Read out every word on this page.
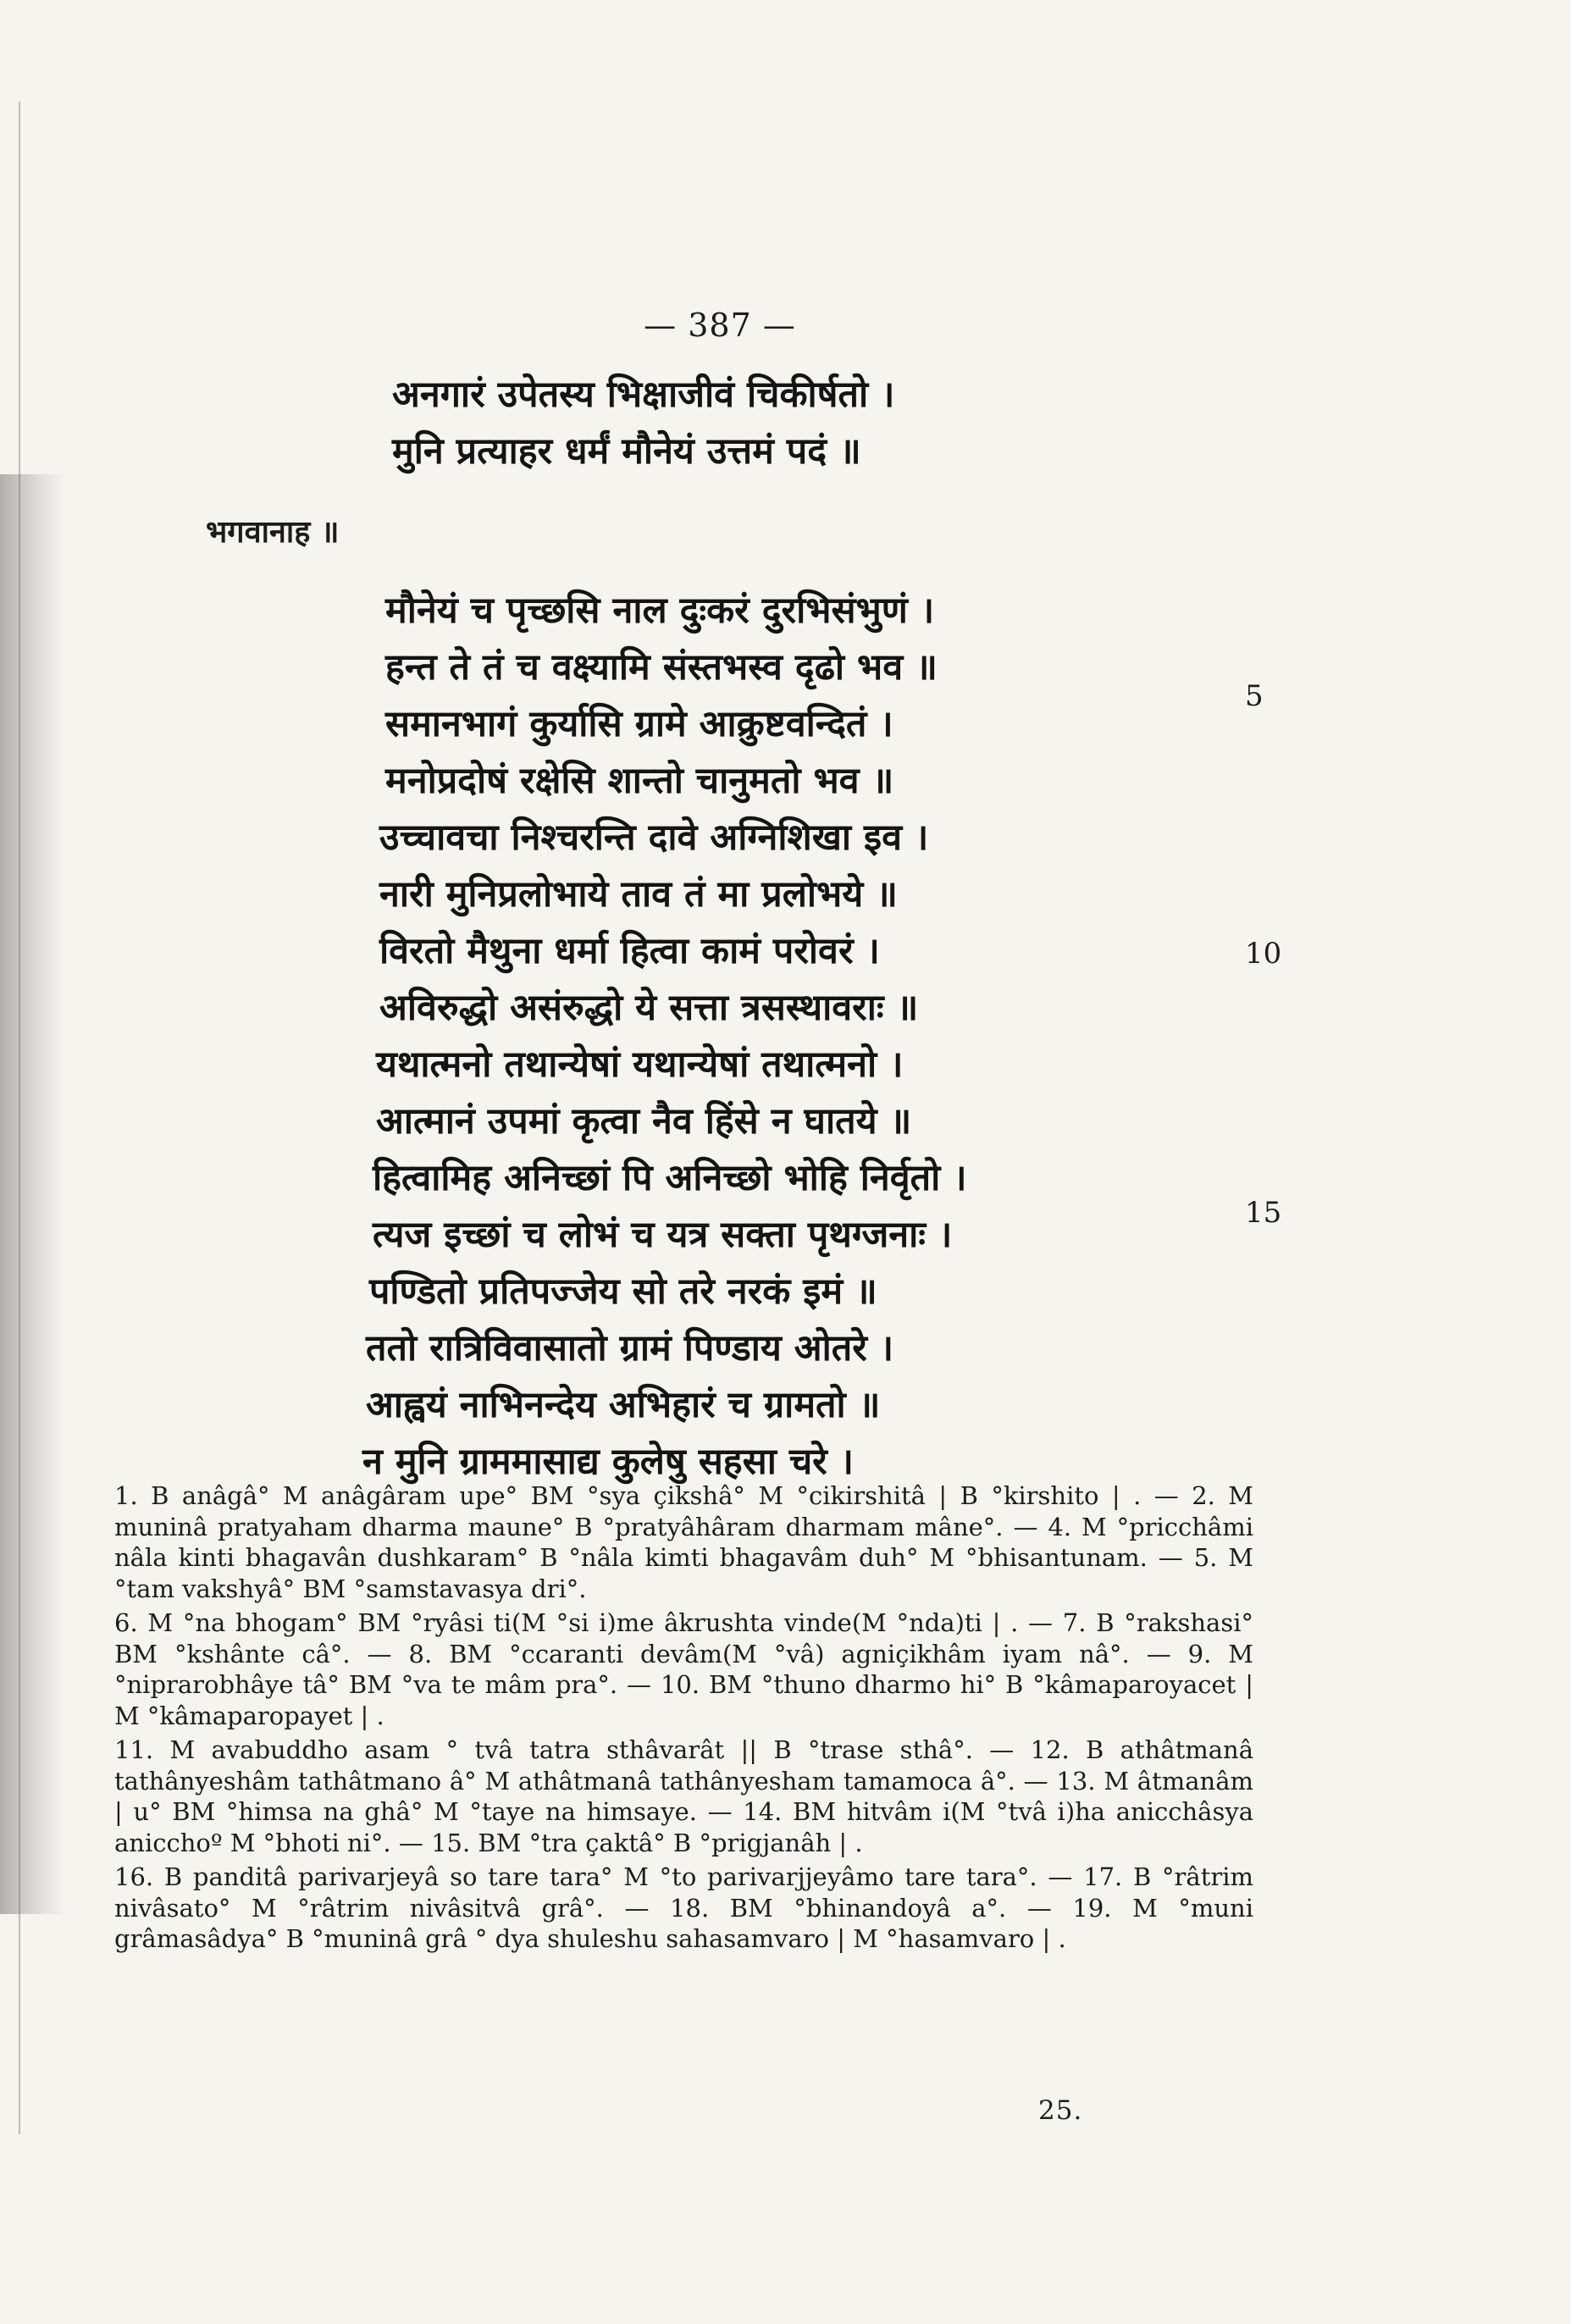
— 387 —
अनगारं उपेतस्य भिक्षाजीवं चिकीर्षतो ।
मुनि प्रत्याहर धर्मं मौनेयं उत्तमं पदं ॥
भगवानाह ॥
मौनेयं च पृच्छसि नाल दुःकरं दुरभिसंभुणं ।
हन्त ते तं च वक्ष्यामि संस्तभस्व दृढो भव ॥
समानभागं कुर्यासि ग्रामे आक्रुष्टवन्दितं ।
मनोप्रदोषं रक्षेसि शान्तो चानुमतो भव ॥
उच्चावचा निश्चरन्ति दावे अग्निशिखा इव ।
नारी मुनिप्रलोभाये ताव तं मा प्रलोभये ॥
विरतो मैथुना धर्मा हित्वा कामं परोवरं ।
अविरुद्धो असंरुद्धो ये सत्ता त्रसस्थावराः ॥
यथात्मनो तथान्येषां यथान्येषां तथात्मनो ।
आत्मानं उपमां कृत्वा नैव हिंसे न घातये ॥
हित्वामिह अनिच्छां पि अनिच्छो भोहि निर्वृतो ।
त्यज इच्छां च लोभं च यत्र सक्ता पृथग्जनाः ।
पण्डितो प्रतिपज्जेय सो तरे नरकं इमं ॥
ततो रात्रिविवासातो ग्रामं पिण्डाय ओतरे ।
आह्वयं नाभिनन्देय अभिहारं च ग्रामतो ॥
न मुनि ग्राममासाद्य कुलेषु सहसा चरे ।
5
10
15

1. B anâgâ° M anâgâram upe° BM °sya çikshâ° M °cikirshitâ | B °kirshito | . — 2. M muninâ pratyaham dharma maune° B °pratyâhâram dharmam mâne°. — 4. M °pricchâmi nâla kinti bhagavân dushkaram° B °nâla kimti bhagavâm duh° M °bhisantunam. — 5. M °tam vakshyâ° BM °samstavasya dri°.

6. M °na bhogam° BM °ryâsi ti(M °si i)me âkrushta vinde(M °nda)ti | . — 7. B °rakshasi° BM °kshânte câ°. — 8. BM °ccaranti devâm(M °vâ) agniçikhâm iyam nâ°. — 9. M °niprarobhâye tâ° BM °va te mâm pra°. — 10. BM °thuno dharmo hi° B °kâmaparoyacet | M °kâmaparopayet | .

11. M avabuddho asam ° tvâ tatra sthâvarât || B °trase sthâ°. — 12. B athâtmanâ tathânyeshâm tathâtmano â° M athâtmanâ tathânyesham tamamoca â°. — 13. M âtmanâm | u° BM °himsa na ghâ° M °taye na himsaye. — 14. BM hitvâm i(M °tvâ i)ha anicchâsya anicchoº M °bhoti ni°. — 15. BM °tra çaktâ° B °prigjanâh | .

16. B panditâ parivarjeyâ so tare tara° M °to parivarjjeyâmo tare tara°. — 17. B °râtrim nivâsato° M °râtrim nivâsitvâ grâ°. — 18. BM °bhinandoyâ a°. — 19. M °muni grâmasâdya° B °muninâ grâ ° dya shuleshu sahasamvaro | M °hasamvaro | .

25.
